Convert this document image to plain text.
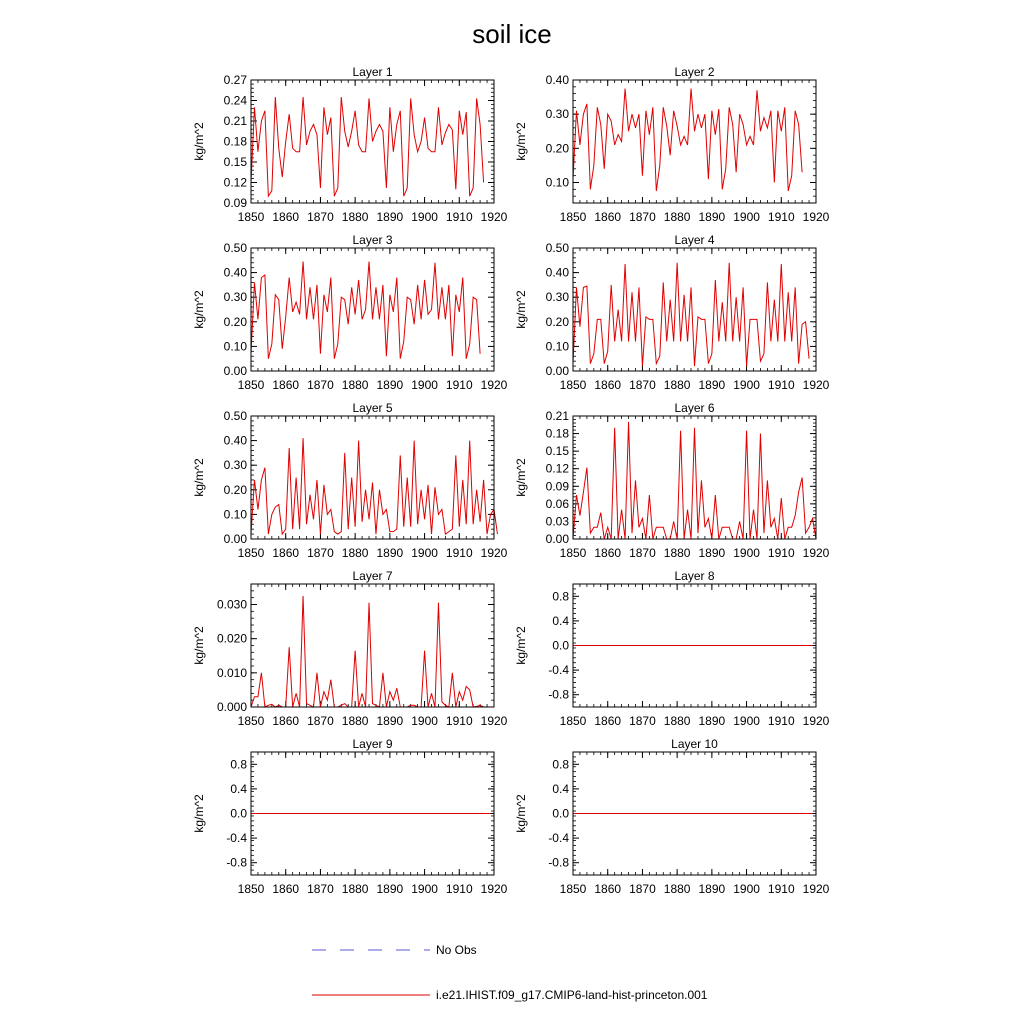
soil ice
Layer 1
kg/m^2
1850 1860 1870 1880 1890 1900 1910 1920
0.09
0.12
0.15
0.18
0.21
0.24
0.27
Layer 2
kg/m^2
1850 1860 1870 1880 1890 1900 1910 1920
0.10
0.20
0.30
0.40
Layer 3
kg/m^2
1850 1860 1870 1880 1890 1900 1910 1920
0.00
0.10
0.20
0.30
0.40
0.50
Layer 4
kg/m^2
1850 1860 1870 1880 1890 1900 1910 1920
0.00
0.10
0.20
0.30
0.40
0.50
Layer 5
kg/m^2
1850 1860 1870 1880 1890 1900 1910 1920
0.00
0.10
0.20
0.30
0.40
0.50
Layer 6
kg/m^2
1850 1860 1870 1880 1890 1900 1910 1920
0.00
0.03
0.06
0.09
0.12
0.15
0.18
0.21
Layer 7
kg/m^2
1850 1860 1870 1880 1890 1900 1910 1920
0.000
0.010
0.020
0.030
Layer 8
kg/m^2
1850 1860 1870 1880 1890 1900 1910 1920
-0.8
-0.4
0.0
0.4
0.8
Layer 9
kg/m^2
1850 1860 1870 1880 1890 1900 1910 1920
-0.8
-0.4
0.0
0.4
0.8
Layer 10
kg/m^2
1850 1860 1870 1880 1890 1900 1910 1920
-0.8
-0.4
0.0
0.4
0.8
No Obs
i.e21.IHIST.f09_g17.CMIP6-land-hist-princeton.001
